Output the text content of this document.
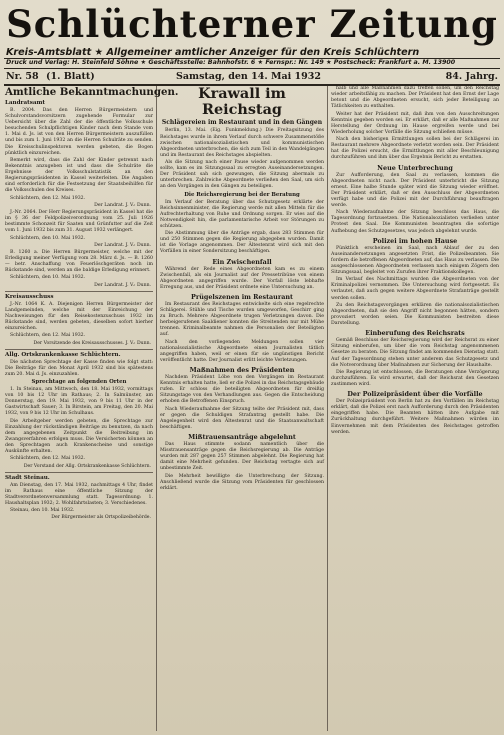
Schlüchterner Zeitung
Kreis-Amtsblatt ★ Allgemeiner amtlicher Anzeiger für den Kreis Schlüchtern
Druck und Verlag: H. Steinfeld Söhne ★ Geschäftsstelle: Bahnhofstr. 6 ★ Fernspr.: Nr. 149 ★ Postscheck: Frankfurt a. M. 13900
Nr. 58 (1. Blatt)	Samstag, den 14. Mai 1932	84. Jahrg.
Amtliche Bekanntmachungen.
Landratsamt

B. 2004. Das den Herren Bürgermeistern und Schulvorstandsvorsitzern zugehende Formular zur Uebersicht über die Zahl der die öffentliche Volksschule besuchenden Schulpflichtigen Kinder nach dem Stande vom 1. Mai d. Js. ist von den Herren Bürgermeistern auszufüllen und bis zum 1. Juni 1932 an die Herren Schulräte zu senden. Die Kreisschulinspektoren werden gebeten, die Bogen pünktlich einzureichen.

Bemerkt wird, dass die Zahl der Kinder getrennt nach Bekenntnis anzugeben ist und dass die Schulräte die Ergebnisse der Volksschulstatistik an den Regierungspräsidenten in Kassel weiterleiten. Die Angaben sind erforderlich für die Festsetzung der Staatsbeihilfen für die Volksschulen des Kreises.

Schlüchtern, den 12. Mai 1932.

Der Landrat. J. V.: Dunn.

J.-Nr. 2064. Der Herr Regierungspräsident in Kassel hat die im § 36 der Feldpolizeiverordnung vom 25. Juli 1926 bestimmte Schonzeit für Saaten und Grünfutter auf die Zeit vom 1. Juni 1932 bis zum 31. August 1932 verlängert.

Schlüchtern, den 10. Mai 1932.

Der Landrat. J. V.: Dunn.

B. 1260 a. Die Herren Bürgermeister, welche mit der Erledigung meiner Verfügung vom 28. März d. Js. — B. 1260 — betr. Anschaffung von Feuerlöschgeräten noch im Rückstande sind, werden an die baldige Erledigung erinnert.

Schlüchtern, den 10. Mai 1932.

Der Landrat. J. V.: Dunn.
Kreisausschuss

J.-Nr. 1064 K. A. Diejenigen Herren Bürgermeister der Landgemeinden, welche mit der Einreichung der Nachweisungen für den Reisekostenzuschuss 1932 im Rückstande sind, werden gebeten, dieselben sofort hierher einzureichen.

Schlüchtern, den 12. Mai 1932.

Der Vorsitzende des Kreisausschusses. J. V.: Dunn.
Allg. Ortskrankenkasse Schlüchtern.

Die nächsten Sprechtage der Kasse finden wie folgt statt: Die Beiträge für den Monat April 1932 sind bis spätestens zum 20. Mai d. Js. einzuzahlen.

Sprechtage an folgenden Orten

1. In Steinau, am Mittwoch, den 18. Mai 1932, vormittags von 10 bis 12 Uhr im Rathaus; 2. In Salmünster, am Donnerstag, den 19. Mai 1932, von 9 bis 11 Uhr in der Gastwirtschaft Sauer; 3. In Birstein, am Freitag, den 20. Mai 1932, von 9 bis 12 Uhr im Schulhaus.

Die Arbeitgeber werden gebeten, die Sprechtage zur Einzahlung der rückständigen Beiträge zu benutzen, da nach dem angegebenen Zeitpunkt die Beitreibung im Zwangsverfahren erfolgen muss. Die Versicherten können an den Sprechtagen auch Krankenscheine und sonstige Auskünfte erhalten.

Schlüchtern, den 12. Mai 1932.

Der Vorstand der Allg. Ortskrankenkasse Schlüchtern.
Stadt Steinau.

Am Dienstag, den 17. Mai 1932, nachmittags 4 Uhr, findet im Rathaus eine öffentliche Sitzung der Stadtverordnetenversammlung statt. Tagesordnung: 1. Haushaltsplan 1932; 2. Wohlfahrtslasten; 3. Verschiedenes.

Steinau, den 10. Mai 1932.

Der Bürgermeister als Ortspolizeibehörde.
Krawall im Reichstag
Schlägereien im Restaurant und in den Gängen

Berlin, 13. Mai. (Eig. Funkmeldung.) Die Freitagsitzung des Reichstages wurde in ihrem Verlauf durch schwere Zusammenstöße zwischen nationalsozialistischen und kommunistischen Abgeordneten unterbrochen, die sich zum Teil in den Wandelgängen und im Restaurant des Reichstages abspielten.

Als die Sitzung nach einer Pause wieder aufgenommen werden sollte, kam es im Sitzungssaal zu erregten Auseinandersetzungen. Der Präsident sah sich gezwungen, die Sitzung abermals zu unterbrechen. Zahlreiche Abgeordnete verließen den Saal, um sich an den Vorgängen in den Gängen zu beteiligen.

Die Reichsregierung bei der Beratung

Im Verlauf der Beratung über das Schutzgesetz erklärte der Reichsinnenminister, die Regierung werde mit allen Mitteln für die Aufrechterhaltung von Ruhe und Ordnung sorgen. Er wies auf die Notwendigkeit hin, die parlamentarische Arbeit vor Störungen zu schützen.

Die Abstimmung über die Anträge ergab, dass 283 Stimmen für und 250 Stimmen gegen die Regierung abgegeben wurden. Damit ist die Vorlage angenommen. Der Ältestenrat wird sich mit den Vorfällen in einer Sondersitzung beschäftigen.

Ein Zwischenfall

Während der Rede eines Abgeordneten kam es zu einem Zwischenfall, als ein Journalist auf der Pressetribüne von einem Abgeordneten angegriffen wurde. Der Vorfall löste lebhafte Erregung aus, und der Präsident ordnete eine Untersuchung an.

Prügelszenen im Restaurant

Im Restaurant des Reichstages entwickelte sich eine regelrechte Schlägerei. Stühle und Tische wurden umgeworfen, Geschirr ging zu Bruch. Mehrere Abgeordnete trugen Verletzungen davon. Die herbeigerufenen Saaldiener konnten die Streitenden nur mit Mühe trennen. Kriminalbeamte nahmen die Personalien der Beteiligten auf.

Nach den vorliegenden Meldungen sollen vier nationalsozialistische Abgeordnete einen Journalisten tätlich angegriffen haben, weil er einen für sie ungünstigen Bericht veröffentlicht hatte. Der Journalist erlitt leichte Verletzungen.

Maßnahmen des Präsidenten

Nachdem Präsident Löbe von den Vorgängen im Restaurant Kenntnis erhalten hatte, ließ er die Polizei in das Reichstagsgebäude rufen. Er schloss die beteiligten Abgeordneten für dreißig Sitzungstage von den Verhandlungen aus. Gegen die Entscheidung erhoben die Betroffenen Einspruch.

Nach Wiederaufnahme der Sitzung teilte der Präsident mit, dass er gegen die Schuldigen Strafantrag gestellt habe. Die Angelegenheit wird den Ältestenrat und die Staatsanwaltschaft beschäftigen.

Mißtrauensanträge abgelehnt

Das Haus stimmte sodann namentlich über die Misstrauensanträge gegen die Reichsregierung ab. Die Anträge wurden mit 287 gegen 257 Stimmen abgelehnt. Die Regierung hat damit eine Mehrheit gefunden. Der Reichstag vertagte sich auf unbestimmte Zeit.

Die Mehrheit bewilligte die Unterbrechung der Sitzung. Anschließend wurde die Sitzung vom Präsidenten für geschlossen erklärt.

halb und alle Maßnahmen dazu treffen sollen, um den Reichstag wieder arbeitsfähig zu machen. Der Präsident hat den Ernst der Lage betont und die Abgeordneten ersucht, sich jeder Beteiligung an Tätlichkeiten zu enthalten.

Weiter hat der Präsident mit, daß ihm von den Ausschreitungen Kenntnis gegeben worden sei. Er erklärt, daß er alle Maßnahmen zur Herstellung der Ordnung im Hause ergreifen werde und bei Wiederholung solcher Vorfälle die Sitzung schließen müsse.

Nach den bisherigen Ermittlungen sollen bei der Schlägerei im Restaurant mehrere Abgeordnete verletzt worden sein. Der Präsident hat die Polizei ersucht, die Ermittlungen mit aller Beschleunigung durchzuführen und ihm über das Ergebnis Bericht zu erstatten.

Neue Unterbrechung

Zur Aufforderung, den Saal zu verlassen, kommen die Abgeordneten nicht nach. Der Präsident unterbricht die Sitzung erneut. Eine halbe Stunde später wird die Sitzung wieder eröffnet. Der Präsident erklärt, daß er den Ausschluss der Abgeordneten verfügt habe und die Polizei mit der Durchführung beauftragen werde.

Nach Wiederaufnahme der Sitzung beschloss das Haus, die Tagesordnung fortzusetzen. Die Nationalsozialisten verließen unter Protest den Saal. Die Kommunisten beantragten die sofortige Aufhebung des Schutzgesetzes, was jedoch abgelehnt wurde.

Polizei im hohen Hause

Pünktlich erscheinen im Saal, nach Ablauf der zu den Auseinandersetzungen angesetzten Frist, die Polizeibeamten. Sie fordern die betroffenen Abgeordneten auf, das Haus zu verlassen. Die ausgeschlossenen Abgeordneten verlassen nach einigem Zögern den Sitzungssaal, begleitet von Zurufen ihrer Fraktionskollegen.

Im Verlauf des Nachmittags wurden die Abgeordneten von der Kriminalpolizei vernommen. Die Untersuchung wird fortgesetzt. Es verlautet, daß auch gegen weitere Abgeordnete Strafanträge gestellt werden sollen.

Zu den Reichstagsvorgängen erklären die nationalsozialistischen Abgeordneten, daß sie den Angriff nicht begonnen hätten, sondern provoziert worden seien. Die Kommunisten bestreiten diese Darstellung.

Einberufung des Reichsrats

Gemäß Beschluss der Reichsregierung wird der Reichsrat zu einer Sitzung einberufen, um über die vom Reichstag angenommenen Gesetze zu beraten. Die Sitzung findet am kommenden Dienstag statt. Auf der Tagesordnung stehen unter anderem das Schutzgesetz und die Notverordnung über Maßnahmen zur Sicherung der Haushalte.

Die Regierung ist entschlossen, die Beratungen ohne Verzögerung durchzuführen. Es wird erwartet, daß der Reichsrat den Gesetzen zustimmen wird.

Der Polizeipräsident über die Vorfälle

Der Polizeipräsident von Berlin hat zu den Vorfällen im Reichstag erklärt, daß die Polizei erst nach Aufforderung durch den Präsidenten eingegriffen habe. Die Beamten hätten ihre Aufgabe mit Zurückhaltung durchgeführt. Weitere Maßnahmen würden im Einvernehmen mit dem Präsidenten des Reichstages getroffen werden.
